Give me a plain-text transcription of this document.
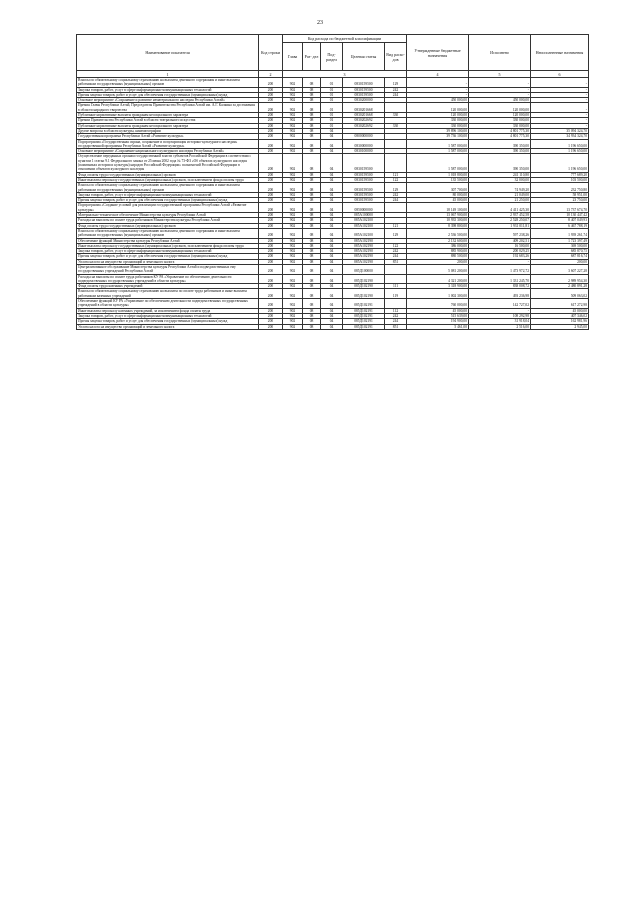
23
Наименование показателя	Код строки	Код расхода по бюджетной классификации					Утвержденные бюджетные назначения	Исполнено	Неисполненные назначения
		Глава	Раз- дел	Под- раздел	Целевая статья	Вид расхо- дов			
1	2	3					4	5	6
Взносы по обязательному социальному страхованию на выплаты денежного содержания и иные выплаты работникам государственных (муниципальных) органов	200	902	08	01	0830159500	129	-	-	-
Закупка товаров, работ, услуг в сфере информационно-коммуникационных технологий	200	902	08	01	0830159500	242	-	-	-
Прочая закупка товаров, работ и услуг для обеспечения государственных (муниципальных) нужд	200	902	08	01	0830159500	244	-	-	-
Основное мероприятие «Сохранение и развитие нематериального наследия Республики Алтай»	200	902	08	01	0830200000		450 000,00	450 000,00	-
Премия Главы Республики Алтай, Председателя Правительства Республики Алтай им. А.Г. Калкина за достижения в области народного творчества	200	902	08	01	0830201668		120 000,00	120 000,00	-
Публичные нормативные выплаты гражданам несоциального характера	200	902	08	01	0830201668	330	120 000,00	120 000,00	-
Премии Правительства Республики Алтай в области театрального искусства	200	902	08	01	0830202692		330 000,00	330 000,00	-
Публичные нормативные выплаты гражданам несоциального характера	200	902	08	01	0830202692	330	330 000,00	330 000,00	-
Другие вопросы в области культуры, кинематографии	200	902	08	04			39 896 100,00	4 801 775,30	35 094 324,70
Государственная программа Республики Алтай «Развитие культуры»	200	902	08	04	0800000000		39 736 100,00	4 801 775,30	34 934 324,70
Подпрограмма «Государственная охрана, сохранение и популяризация историко-культурного наследия» государственной программы Республики Алтай «Развитие культуры»	200	902	08	04	0830000000		1 587 000,00	390 350,00	1 196 650,00
Основное мероприятие «Сохранение национального культурного наследия Республики Алтай»	200	902	08	04	0830100000		1 587 000,00	390 350,00	1 196 650,00
Осуществление переданных органам государственной власти субъектов Российской Федерации в соответствии с пунктом 1 статьи 9.1 Федерального закона от 25 июня 2002 года № 73-ФЗ «Об объектах культурного наследия (памятниках истории и культуры) народов Российской Федерации» полномочий Российской Федерации в отношении объектов культурного наследия	200	902	08	04	0830159500		1 587 000,00	390 350,00	1 196 650,00
Фонд оплаты труда государственных (муниципальных) органов	200	902	08	04	0830159500	121	1 018 800,00	241 110,80	777 689,20
Иные выплаты персоналу государственных (муниципальных) органов, за исключением фонда оплаты труда	200	902	08	04	0830159500	122	135 500,00	32 000,00	103 500,00
Взносы по обязательному социальному страхованию на выплаты денежного содержания и иные выплаты работникам государственных (муниципальных) органов	200	902	08	04	0830159500	129	307 700,00	74 949,20	232 750,80
Закупка товаров, работ, услуг в сфере информационно-коммуникационных технологий	200	902	08	04	0830159500	242	80 000,00	21 049,00	58 951,00
Прочая закупка товаров, работ и услуг для обеспечения государственных (муниципальных) нужд	200	902	08	04	0830159500	244	45 000,00	21 250,00	23 750,00
Подпрограмма «Создание условий для реализации государственной программы Республики Алтай «Развитие культуры»	200	902	08	04	0850000000		18 149 100,00	4 411 425,30	13 737 674,70
Материально-техническое обеспечение Министерства культуры Республики Алтай	200	902	08	04	085А100000		13 067 900,00	2 937 452,58	10 130 447,42
Расходы на выплаты по оплате труда работников Министерства культуры Республики Алтай	200	902	08	04	085А102100		10 935 300,00	2 528 250,07	8 407 049,93
Фонд оплаты труда государственных (муниципальных) органов	200	902	08	04	085А102100	121	8 398 800,00	1 931 011,81	6 467 788,19
Взносы по обязательному социальному страхованию на выплаты денежного содержания и иные выплаты работникам государственных (муниципальных) органов	200	902	08	04	085А102100	129	2 536 500,00	597 238,26	1 939 261,74
Обеспечение функций Министерства культуры Республики Алтай	200	902	08	04	085А102190		2 132 600,00	409 202,51	1 723 397,49
Иные выплаты персоналу государственных (муниципальных) органов, за исключением фонда оплаты труда	200	902	08	04	085А102190	122	386 000,00	16 500,00	369 500,00
Закупка товаров, работ, услуг в сфере информационно-коммуникационных технологий	200	902	08	04	085А102190	242	885 900,00	200 029,25	685 870,75
Прочая закупка товаров, работ и услуг для обеспечения государственных (муниципальных) нужд	200	902	08	04	085А102190	244	880 500,00	192 683,26	687 816,74
Уплата налога на имущество организаций и земельного налога	200	902	08	04	085А102190	851	200,00	-	200,00
Централизованное обслуживание Министерства культуры Республики Алтай и подведомственных ему государственных учреждений Республики Алтай	200	902	08	04	085Д100000		5 081 200,00	1 473 972,72	3 607 227,28
Расходы на выплаты по оплате труда работников КУ РА «Управление по обеспечению деятельности подведомственных государственных учреждений в области культуры»	200	902	08	04	085Д102190		4 321 200,00	1 331 245,70	2 989 954,30
Фонд оплаты труда казенных учреждений	200	902	08	04	085Д102190	111	3 318 900,00	838 008,72	2 480 891,28
Взносы по обязательному социальному страхованию на выплаты по оплате труда работников и иные выплаты работникам казенных учреждений	200	902	08	04	085Д102190	119	1 002 300,00	493 236,98	509 063,02
Обеспечение функций КУ РА «Управление по обеспечению деятельности подведомственных государственных учреждений в области культуры»	200	902	08	04	085Д102191		760 000,00	142 727,02	617 272,98
Иные выплаты персоналу казенных учреждений, за исключением фонда оплаты труда	200	902	08	04	085Д102191	112	45 000,00	-	45 000,00
Закупка товаров, работ, услуг в сфере информационно-коммуникационных технологий	200	902	08	04	085Д102191	242	515 639,00	108 292,98	407 346,02
Прочая закупка товаров, работ и услуг для обеспечения государственных (муниципальных) нужд	200	902	08	04	085Д102191	244	194 900,00	31 918,04	162 981,96
Уплата налога на имущество организаций и земельного налога	200	902	08	04	085Д102191	851	5 461,00	2 516,00	2 945,00
